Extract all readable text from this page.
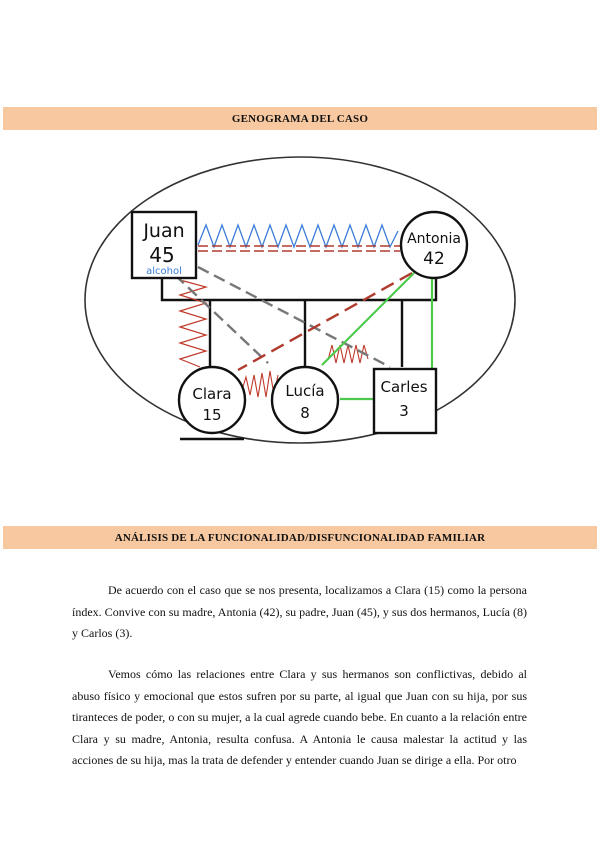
GENOGRAMA DEL CASO
Juan
45
alcohol
Antonia
42
Clara
15
Lucía
8
Carles
3
ANÁLISIS DE LA FUNCIONALIDAD/DISFUNCIONALIDAD FAMILIAR

De acuerdo con el caso que se nos presenta, localizamos a Clara (15) como la persona índex. Convive con su madre, Antonia (42), su padre, Juan (45), y sus dos hermanos, Lucía (8) y Carlos (3).

Vemos cómo las relaciones entre Clara y sus hermanos son conflictivas, debido al abuso físico y emocional que estos sufren por su parte, al igual que Juan con su hija, por sus tiranteces de poder, o con su mujer, a la cual agrede cuando bebe. En cuanto a la relación entre Clara y su madre, Antonia, resulta confusa. A Antonia le causa malestar la actitud y las acciones de su hija, mas la trata de defender y entender cuando Juan se dirige a ella. Por otro
